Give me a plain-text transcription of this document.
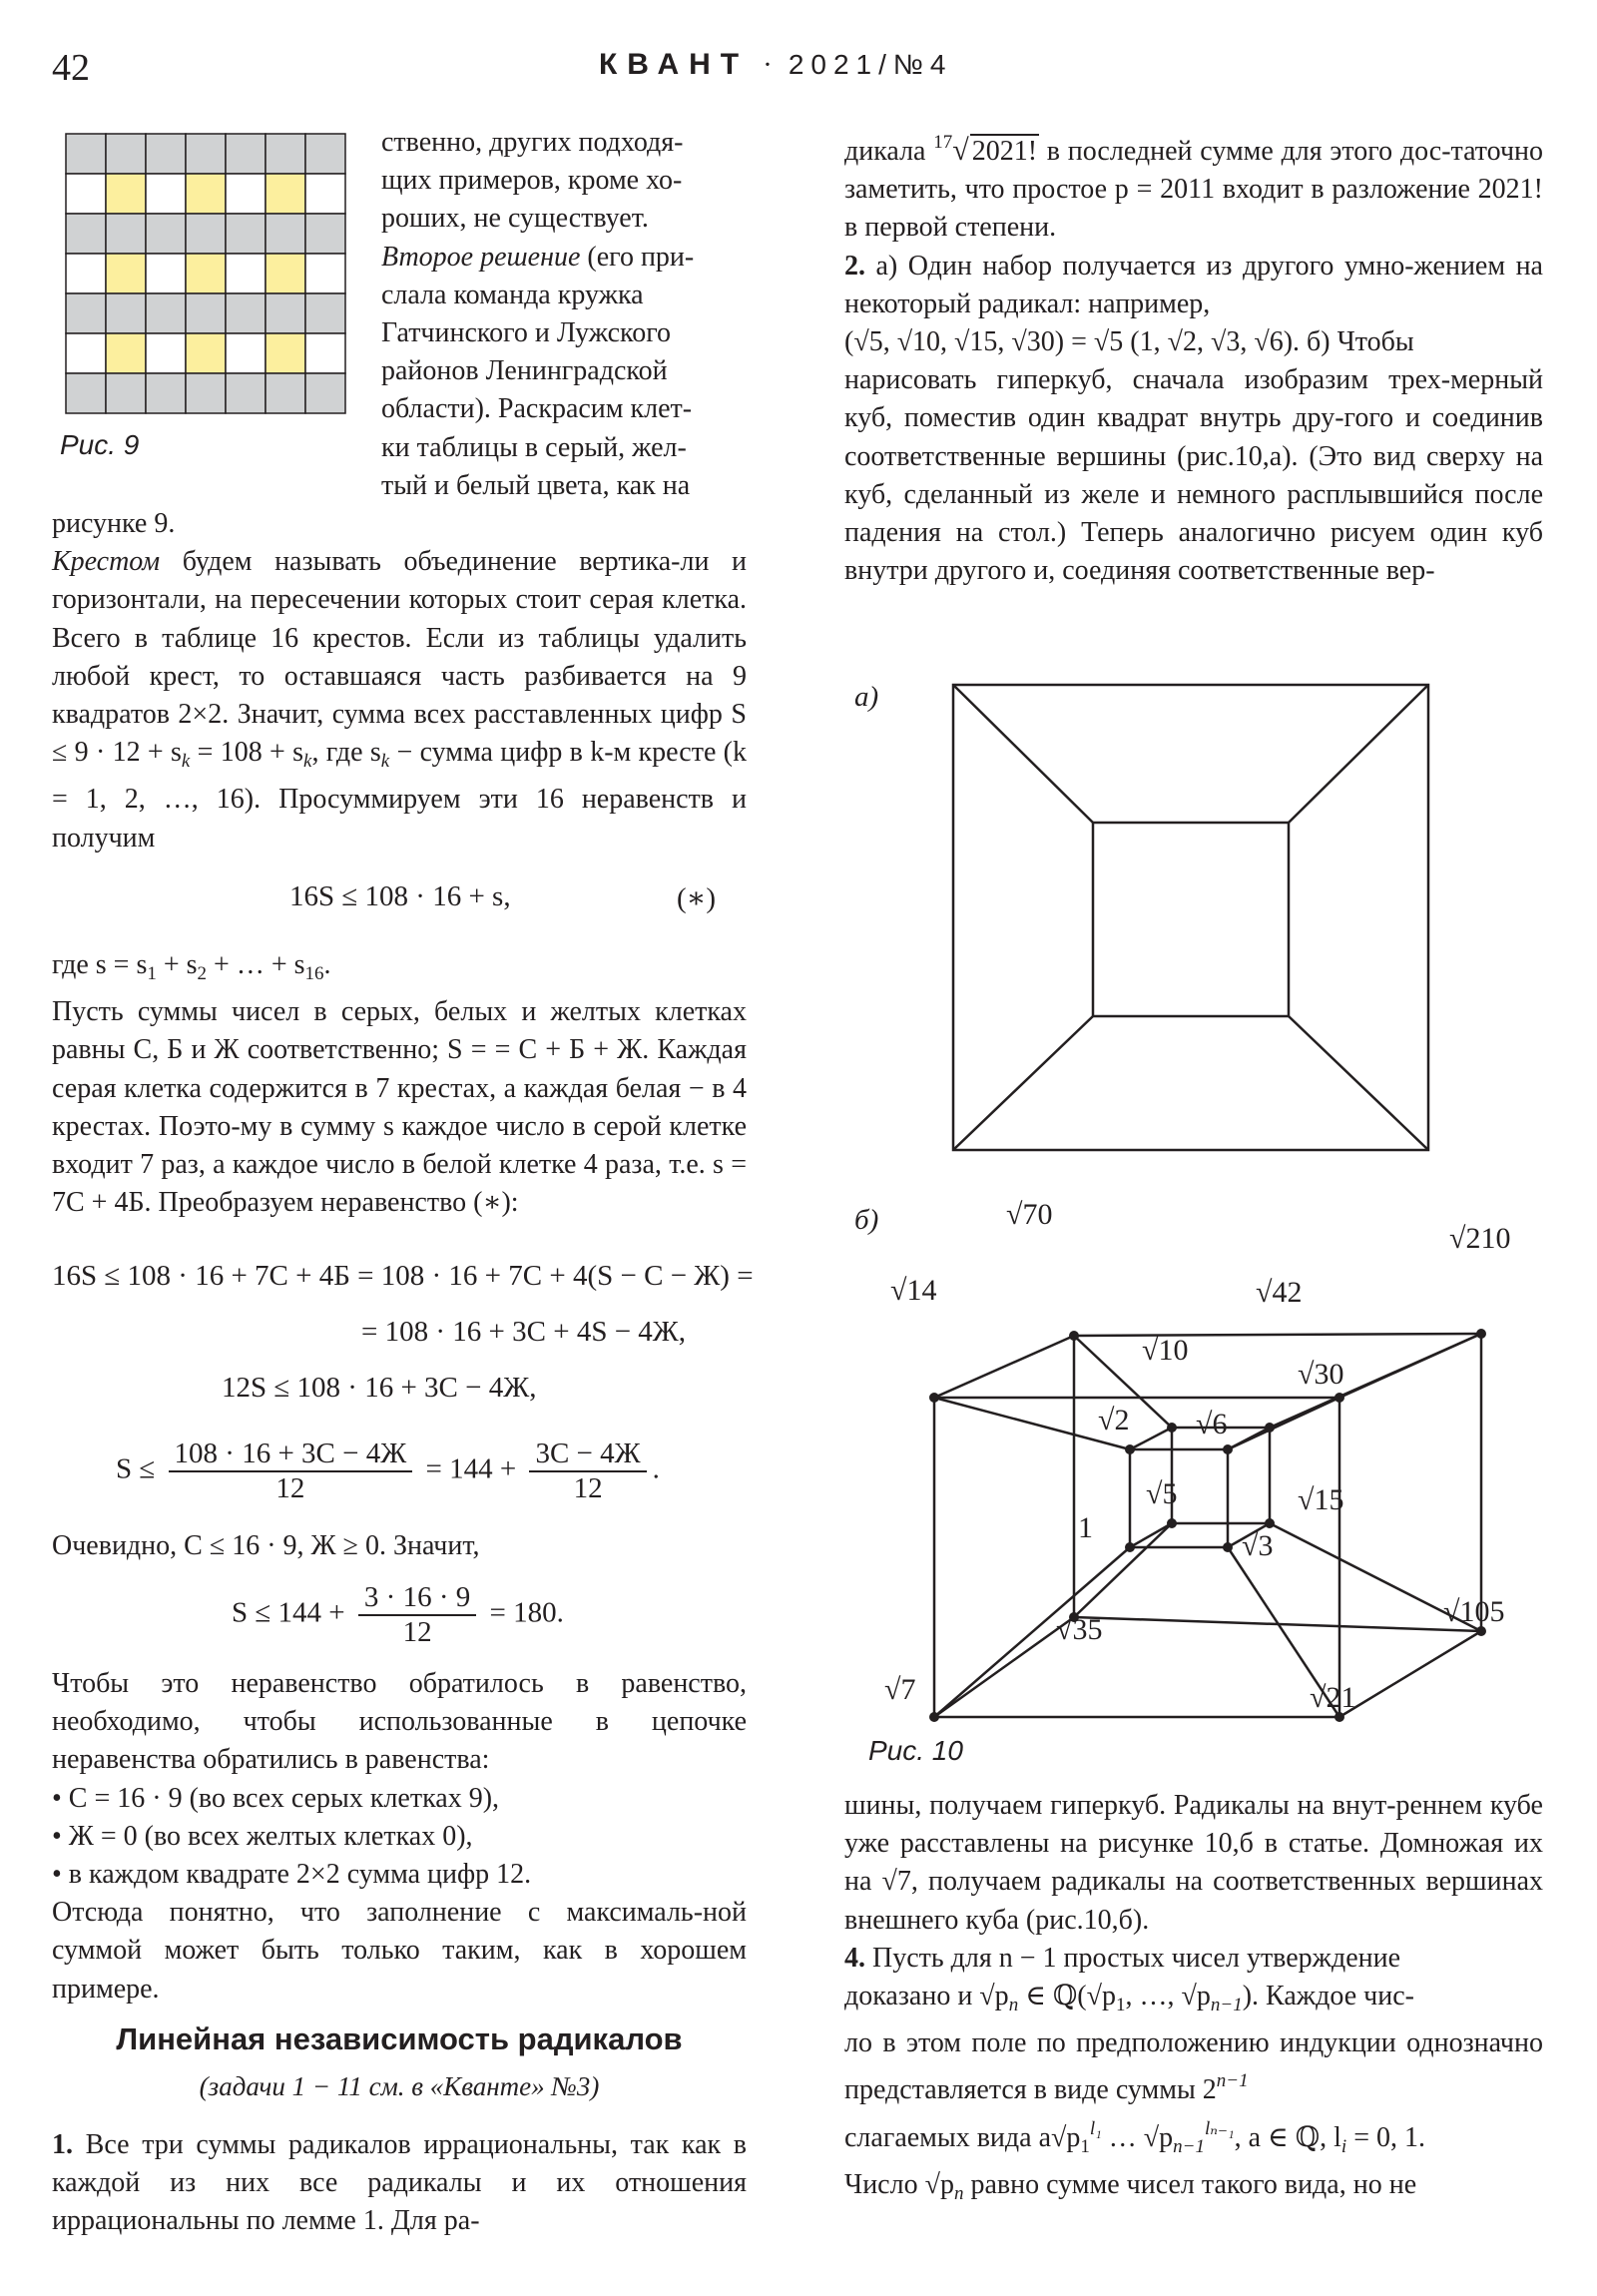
42	КВАНТ · 2021/№4
Рис. 9

ственно, других подходя-

щих примеров, кроме хо-

роших, не существует.

Второе решение (его при-

слала команда кружка

Гатчинского и Лужского

районов Ленинградской

области). Раскрасим клет-

ки таблицы в серый, жел-

тый и белый цвета, как на

рисунке 9.

Крестом будем называть объединение вертика-ли и горизонтали, на пересечении которых стоит серая клетка. Всего в таблице 16 крестов. Если из таблицы удалить любой крест, то оставшаяся часть разбивается на 9 квадратов 2×2. Значит, сумма всех расставленных цифр $S \le 9 \cdot 12 + s_k = 108 + s_k$, где $s_k$ − сумма цифр в k-м кресте (k = 1, 2, …, 16). Просуммируем эти 16 неравенств и получим

16S ≤ 108 · 16 + s,	(∗)

где $s = s_1 + s_2$ + … + $s_{16}$.

Пусть суммы чисел в серых, белых и желтых клетках равны С, Б и Ж соответственно; S = = С + Б + Ж. Каждая серая клетка содержится в 7 крестах, а каждая белая − в 4 крестах. Поэто-му в сумму s каждое число в серой клетке входит 7 раз, а каждое число в белой клетке 4 раза, т.е. s = 7С + 4Б. Преобразуем неравенство (∗):

16S ≤ 108 · 16 + 7С + 4Б = 108 · 16 + 7С + 4(S − С − Ж) =
= 108 · 16 + 3С + 4S − 4Ж,
12S ≤ 108 · 16 + 3С − 4Ж,
$S \le \frac{108 \cdot 16 + 3С - 4Ж}{12} = 144 + \frac{3С - 4Ж}{12}$ .

Очевидно, С ≤ 16 · 9, Ж ≥ 0. Значит,

$S \le 144 + \frac{3 \cdot 16 \cdot 9}{12} = 180$.

Чтобы это неравенство обратилось в равенство, необходимо, чтобы использованные в цепочке неравенства обратились в равенства:

• С = 16 · 9 (во всех серых клетках 9),

• Ж = 0 (во всех желтых клетках 0),

• в каждом квадрате 2×2 сумма цифр 12.

Отсюда понятно, что заполнение с максималь-ной суммой может быть только таким, как в хорошем примере.

Линейная независимость радикалов
(задачи 1 − 11 см. в «Кванте» №3)

1. Все три суммы радикалов иррациональны, так как в каждой из них все радикалы и их отношения иррациональны по лемме 1. Для ра-

дикала $^{17}$√ 2021! в последней сумме для этого дос-таточно заметить, что простое p = 2011 входит в разложение 2021! в первой степени.

2. а) Один набор получается из другого умно-жением на некоторый радикал: например,

(√5, √10, √15, √30) = √5 (1, √2, √3, √6). б) Чтобы

нарисовать гиперкуб, сначала изобразим трех-мерный куб, поместив один квадрат внутрь дру-гого и соединив соответственные вершины (рис.10,а). (Это вид сверху на куб, сделанный из желе и немного расплывшийся после падения на стол.) Теперь аналогично рисуем один куб внутри другого и, соединяя соответственные вер-

а)
б)	√70
√210
√14	√42
√10
√30
√2 √6
√5	√15
1
√3
√35
√105
√7	√21
Рис. 10

шины, получаем гиперкуб. Радикалы на внут-реннем кубе уже расставлены на рисунке 10,б в статье. Домножая их на √7, получаем радикалы на соответственных вершинах внешнего куба (рис.10,б).

4. Пусть для n − 1 простых чисел утверждение

доказано и $√p_n$ ∈ $ℚ(√p_1$, …, $√p_{n-1}$). Каждое чис-

ло в этом поле по предположению индукции однозначно представляется в виде суммы $2^{n-1}$

слагаемых вида $a√p_1^{l_1}$ … $√p_{n-1}^{l_{n-1}}$, a ∈ ℚ, $l_i = 0$, 1.

Число $√p_n$ равно сумме чисел такого вида, но не
